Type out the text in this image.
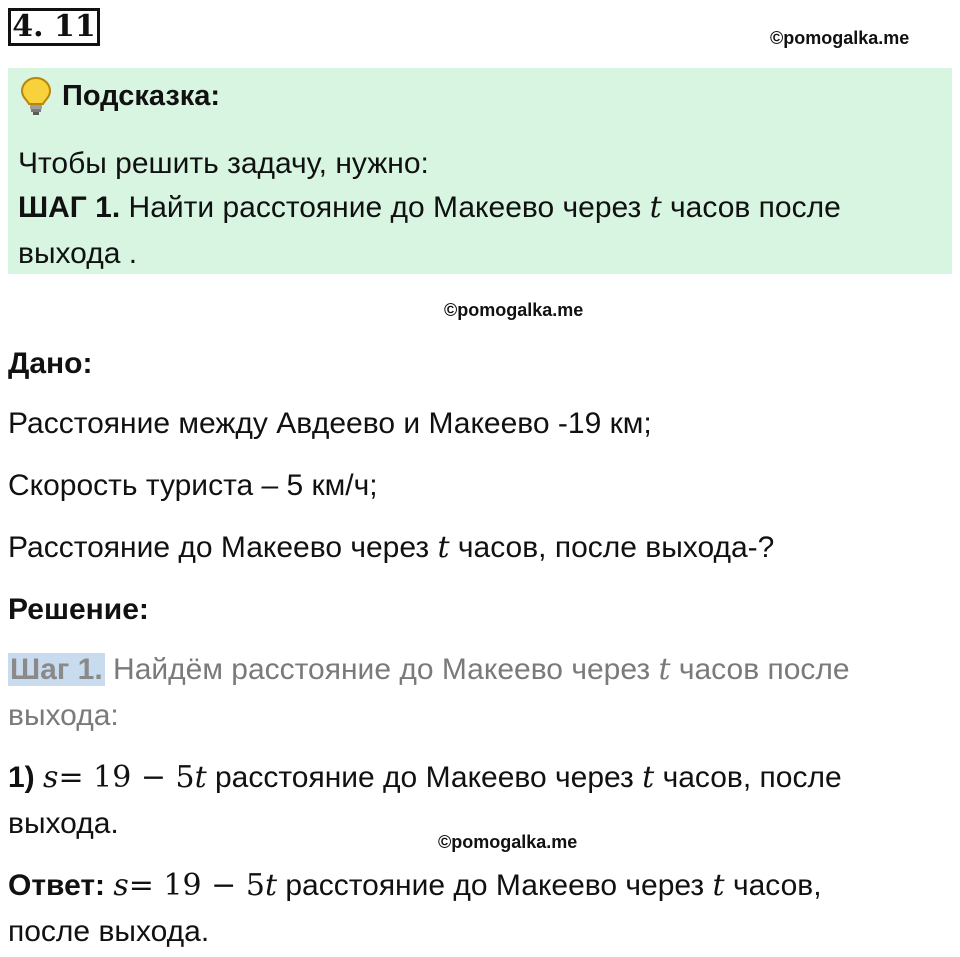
4. 11	©pomogalka.me
Подсказка:
Чтобы решить задачу, нужно:
ШАГ 1. Найти расстояние до Макеево через t часов после
выхода .
©pomogalka.me
Дано:
Расстояние между Авдеево и Макеево -19 км;
Скорость туриста – 5 км/ч;
Расстояние до Макеево через t часов, после выхода-?
Решение:
Шаг 1. Найдём расстояние до Макеево через t часов после
выхода:
1) s= 19 − 5t расстояние до Макеево через t часов, после
выхода.
©pomogalka.me
Ответ: s= 19 − 5t расстояние до Макеево через t часов,
после выхода.
